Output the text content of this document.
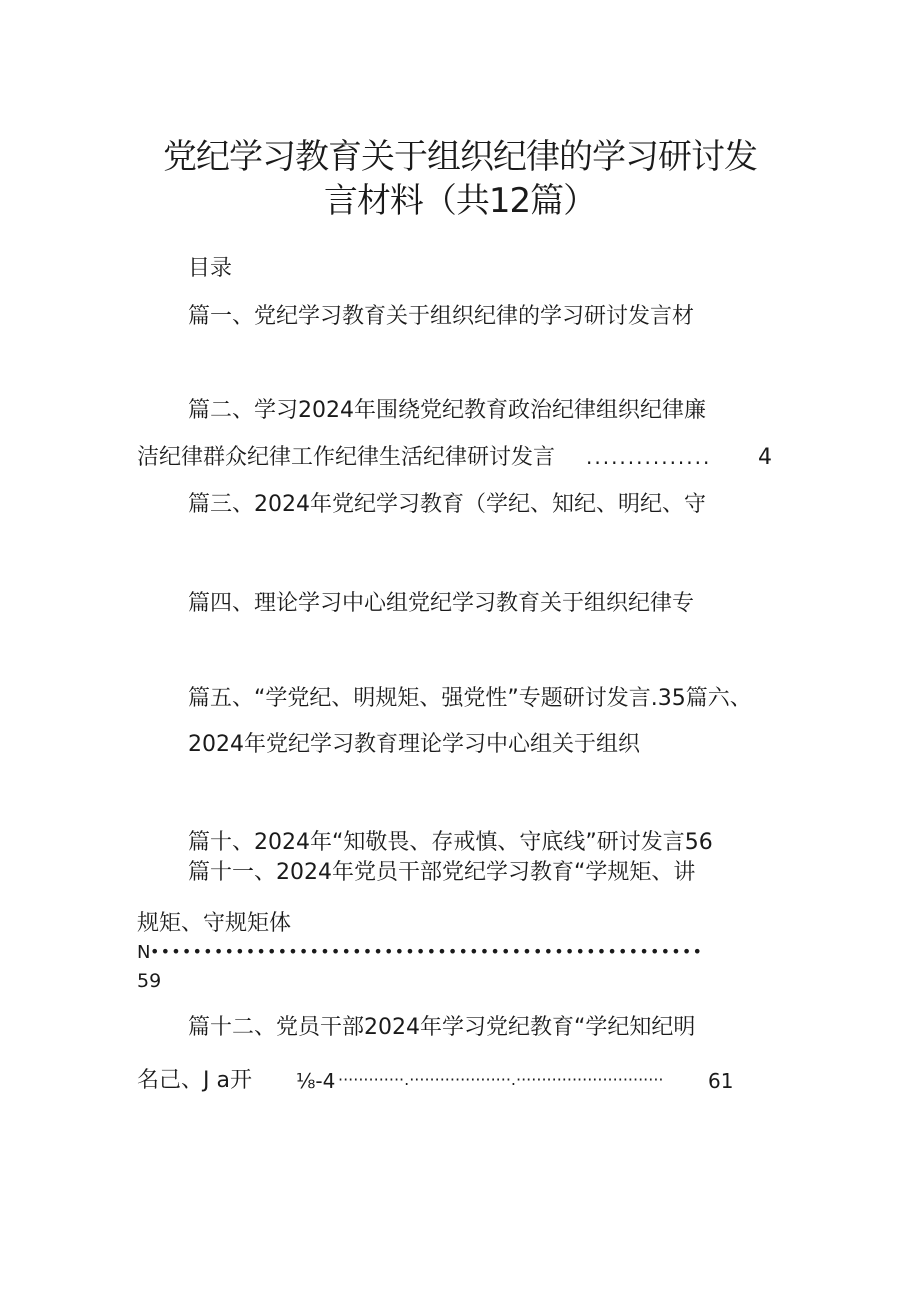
党纪学习教育关于组织纪律的学习研讨发
言材料（共12篇）
目录
篇一、党纪学习教育关于组织纪律的学习研讨发言材
篇二、学习2024年围绕党纪教育政治纪律组织纪律廉
洁纪律群众纪律工作纪律生活纪律研讨发言 ............... 4
篇三、2024年党纪学习教育（学纪、知纪、明纪、守
篇四、理论学习中心组党纪学习教育关于组织纪律专
篇五、“学党纪、明规矩、强党性”专题研讨发言.35篇六、
2024年党纪学习教育理论学习中心组关于组织
篇十、2024年“知敬畏、存戒慎、守底线”研讨发言56
篇十一、2024年党员干部党纪学习教育“学规矩、讲
规矩、守规矩体
N ••••••••••••••••••••••••••••••••••••••••••••••••••••
59
篇十二、党员干部2024年学习党纪教育“学纪知纪明
名己、J a开 ⅛-4 ·············.····················.····························· 61
